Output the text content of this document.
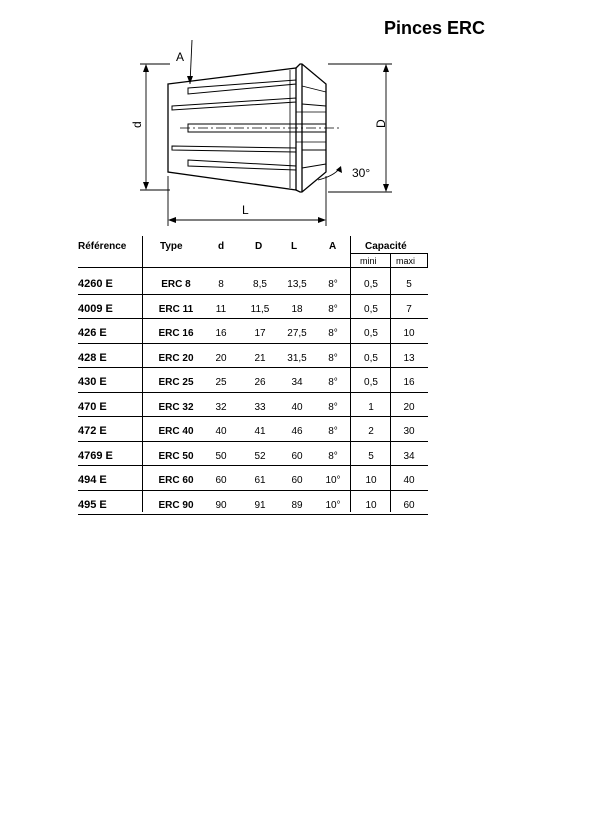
Pinces ERC
A
d	D
L
30°
Référence	Type	d	D	L	A	Capacité
mini maxi
4260 E	ERC 8	8	8,5	13,5	8°	0,5	5
4009 E	ERC 11	11	11,5	18	8°	0,5	7
426 E	ERC 16	16	17	27,5	8°	0,5	10
428 E	ERC 20	20	21	31,5	8°	0,5	13
430 E	ERC 25	25	26	34	8°	0,5	16
470 E	ERC 32	32	33	40	8°	1	20
472 E	ERC 40	40	41	46	8°	2	30
4769 E	ERC 50	50	52	60	8°	5	34
494 E	ERC 60	60	61	60	10°	10	40
495 E	ERC 90	90	91	89	10°	10	60
